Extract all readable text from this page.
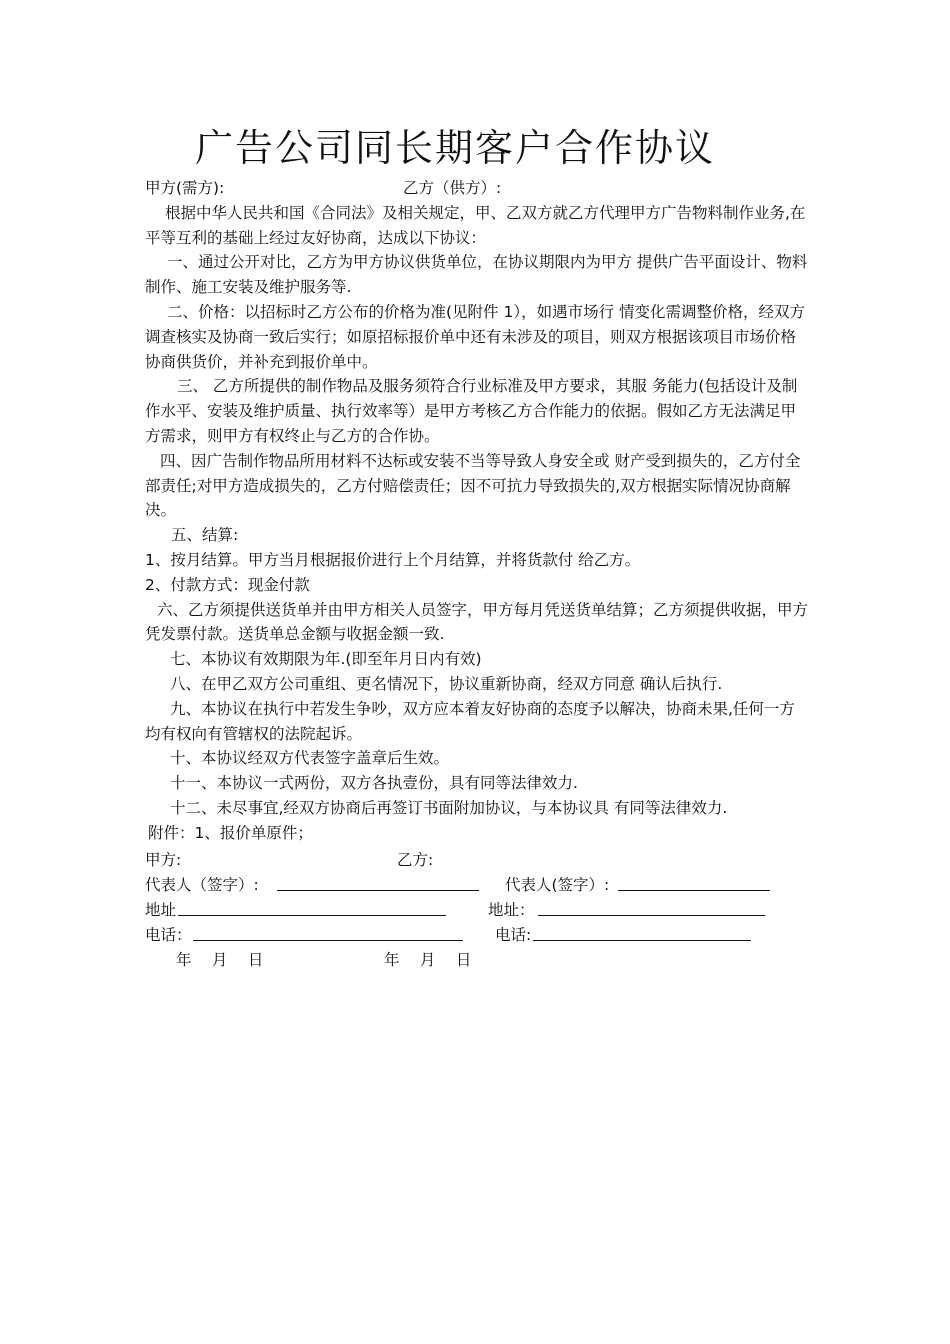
广告公司同长期客户合作协议
甲方(需方):	乙方（供方）:

根据中华人民共和国《合同法》及相关规定，甲、乙双方就乙方代理甲方广告物料制作业务,在平等互利的基础上经过友好协商，达成以下协议：

一、通过公开对比，乙方为甲方协议供货单位，在协议期限内为甲方 提供广告平面设计、物料制作、施工安装及维护服务等.

二、价格：以招标时乙方公布的价格为准(见附件 1），如遇市场行 情变化需调整价格，经双方调查核实及协商一致后实行；如原招标报价单中还有未涉及的项目，则双方根据该项目市场价格协商供货价，并补充到报价单中。

三、 乙方所提供的制作物品及服务须符合行业标准及甲方要求，其服 务能力(包括设计及制作水平、安装及维护质量、执行效率等）是甲方考核乙方合作能力的依据。假如乙方无法满足甲方需求，则甲方有权终止与乙方的合作协。

四、因广告制作物品所用材料不达标或安装不当等导致人身安全或 财产受到损失的，乙方付全部责任;对甲方造成损失的，乙方付赔偿责任；因不可抗力导致损失的,双方根据实际情况协商解决。

五、结算:

1、按月结算。甲方当月根据报价进行上个月结算，并将货款付 给乙方。

2、付款方式：现金付款

六、乙方须提供送货单并由甲方相关人员签字，甲方每月凭送货单结算；乙方须提供收据，甲方凭发票付款。送货单总金额与收据金额一致.

七、本协议有效期限为年.(即至年月日内有效)

八、在甲乙双方公司重组、更名情况下，协议重新协商，经双方同意 确认后执行.

九、本协议在执行中若发生争吵，双方应本着友好协商的态度予以解决，协商未果,任何一方均有权向有管辖权的法院起诉。

十、本协议经双方代表签字盖章后生效。

十一、本协议一式两份，双方各执壹份，具有同等法律效力.

十二、未尽事宜,经双方协商后再签订书面附加协议，与本协议具 有同等法律效力.

附件：1、报价单原件；

甲方:	乙方:
代表人（签字）:	代表人(签字）:
地址	地址：
电话：	电话:
年　 月　 日	年　 月　 日
